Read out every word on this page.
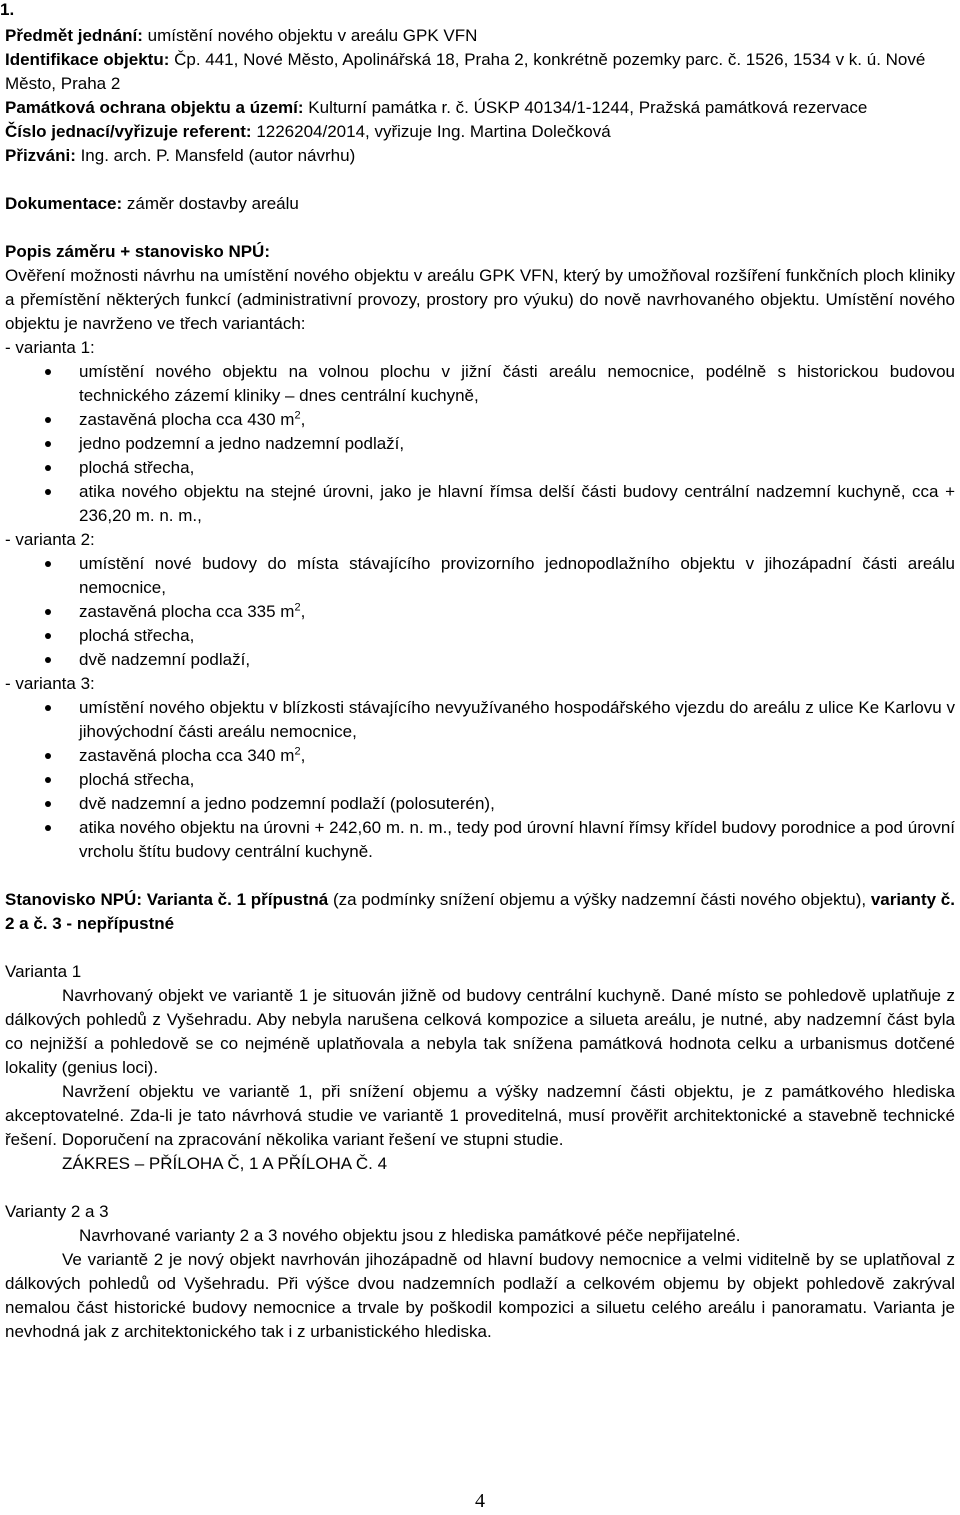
1.

Předmět jednání: umístění nového objektu v areálu GPK VFN

Identifikace objektu: Čp. 441, Nové Město, Apolinářská 18, Praha 2, konkrétně pozemky parc. č. 1526, 1534 v k. ú. Nové Město, Praha 2

Památková ochrana objektu a území: Kulturní památka r. č. ÚSKP 40134/1-1244, Pražská památková rezervace

Číslo jednací/vyřizuje referent: 1226204/2014, vyřizuje Ing. Martina Dolečková

Přizváni: Ing. arch. P. Mansfeld (autor návrhu)

Dokumentace: záměr dostavby areálu

Popis záměru + stanovisko NPÚ:

Ověření možnosti návrhu na umístění nového objektu v areálu GPK VFN, který by umožňoval rozšíření funkčních ploch kliniky a přemístění některých funkcí (administrativní provozy, prostory pro výuku) do nově navrhovaného objektu. Umístění nového objektu je navrženo ve třech variantách:

- varianta 1:

umístění nového objektu na volnou plochu v jižní části areálu nemocnice, podélně s historickou budovou technického zázemí kliniky – dnes centrální kuchyně,

zastavěná plocha cca 430 $m^2$,

jedno podzemní a jedno nadzemní podlaží,

plochá střecha,

atika nového objektu na stejné úrovni, jako je hlavní římsa delší části budovy centrální nadzemní kuchyně, cca + 236,20 m. n. m.,

- varianta 2:

umístění nové budovy do místa stávajícího provizorního jednopodlažního objektu v jihozápadní části areálu nemocnice,

zastavěná plocha cca 335 $m^2$,

plochá střecha,

dvě nadzemní podlaží,

- varianta 3:

umístění nového objektu v blízkosti stávajícího nevyužívaného hospodářského vjezdu do areálu z ulice Ke Karlovu v jihovýchodní části areálu nemocnice,

zastavěná plocha cca 340 $m^2$,

plochá střecha,

dvě nadzemní a jedno podzemní podlaží (polosuterén),

atika nového objektu na úrovni + 242,60 m. n. m., tedy pod úrovní hlavní římsy křídel budovy porodnice a pod úrovní vrcholu štítu budovy centrální kuchyně.

Stanovisko NPÚ: Varianta č. 1 přípustná (za podmínky snížení objemu a výšky nadzemní části nového objektu), varianty č. 2 a č. 3 - nepřípustné

Varianta 1

Navrhovaný objekt ve variantě 1 je situován jižně od budovy centrální kuchyně. Dané místo se pohledově uplatňuje z dálkových pohledů z Vyšehradu. Aby nebyla narušena celková kompozice a silueta areálu, je nutné, aby nadzemní část byla co nejnižší a pohledově se co nejméně uplatňovala a nebyla tak snížena památková hodnota celku a urbanismus dotčené lokality (genius loci).

Navržení objektu ve variantě 1, při snížení objemu a výšky nadzemní části objektu, je z památkového hlediska akceptovatelné. Zda-li je tato návrhová studie ve variantě 1 proveditelná, musí prověřit architektonické a stavebně technické řešení. Doporučení na zpracování několika variant řešení ve stupni studie.

ZÁKRES – PŘÍLOHA Č, 1 A PŘÍLOHA Č. 4

Varianty 2 a 3

Navrhované varianty 2 a 3 nového objektu jsou z hlediska památkové péče nepřijatelné.

Ve variantě 2 je nový objekt navrhován jihozápadně od hlavní budovy nemocnice a velmi viditelně by se uplatňoval z dálkových pohledů od Vyšehradu. Při výšce dvou nadzemních podlaží a celkovém objemu by objekt pohledově zakrýval nemalou část historické budovy nemocnice a trvale by poškodil kompozici a siluetu celého areálu i panoramatu. Varianta je nevhodná jak z architektonického tak i z urbanistického hlediska.

4
